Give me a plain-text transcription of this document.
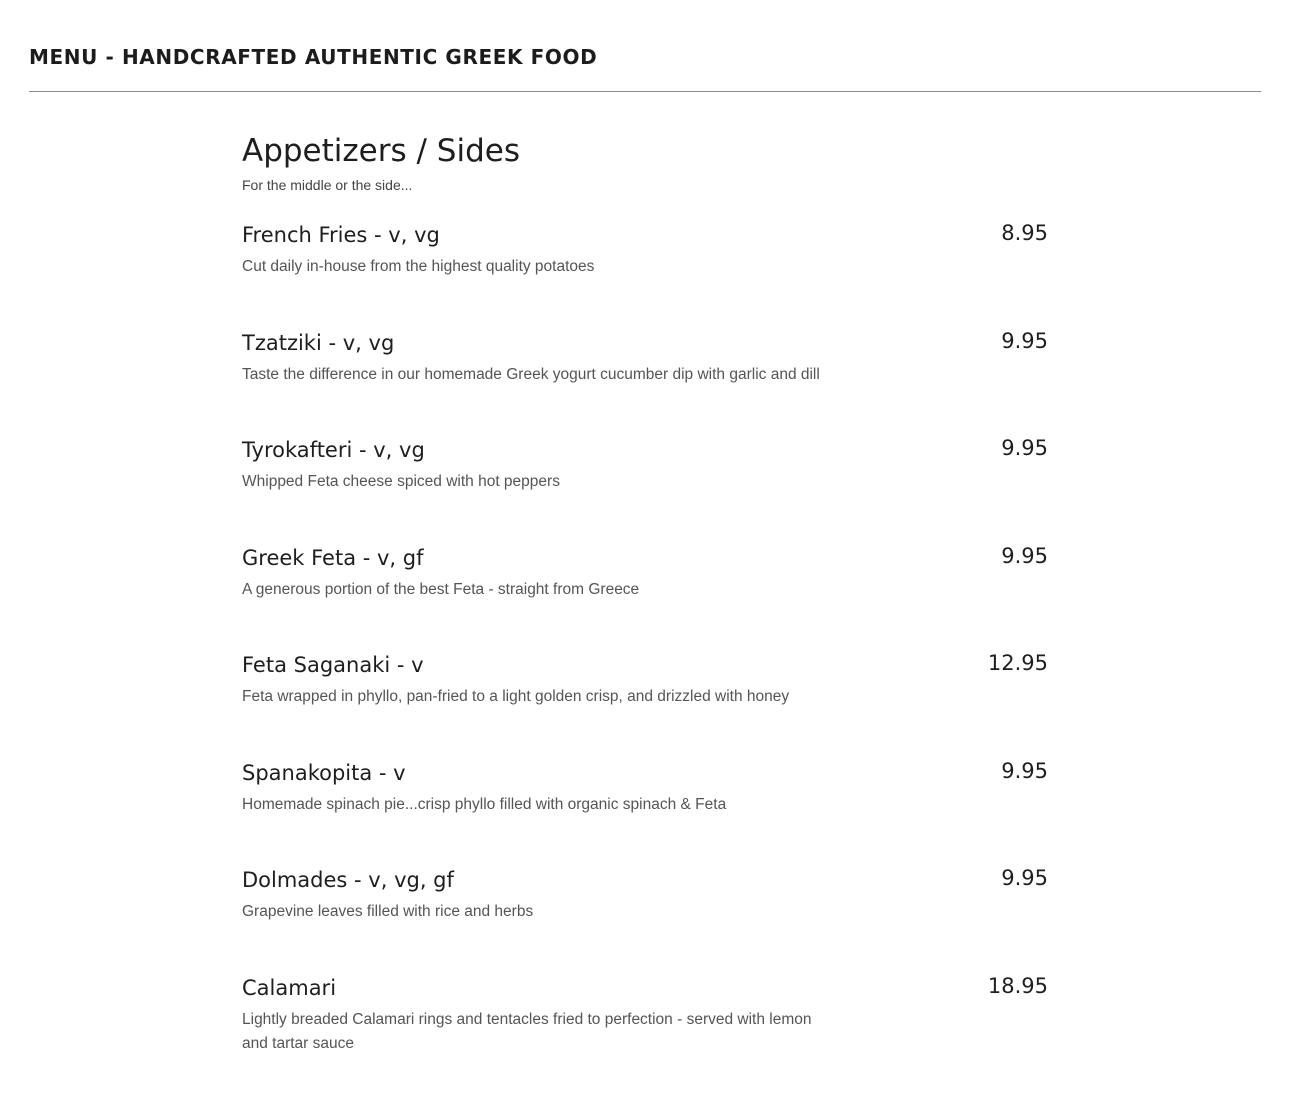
MENU - HANDCRAFTED AUTHENTIC GREEK FOOD
Appetizers / Sides

For the middle or the side...

French Fries - v, vg	8.95

Cut daily in-house from the highest quality potatoes

Tzatziki - v, vg	9.95

Taste the difference in our homemade Greek yogurt cucumber dip with garlic and dill

Tyrokafteri - v, vg	9.95

Whipped Feta cheese spiced with hot peppers

Greek Feta - v, gf	9.95

A generous portion of the best Feta - straight from Greece

Feta Saganaki - v	12.95

Feta wrapped in phyllo, pan-fried to a light golden crisp, and drizzled with honey

Spanakopita - v	9.95

Homemade spinach pie...crisp phyllo filled with organic spinach & Feta

Dolmades - v, vg, gf	9.95

Grapevine leaves filled with rice and herbs

Calamari	18.95

Lightly breaded Calamari rings and tentacles fried to perfection - served with lemon and tartar sauce
